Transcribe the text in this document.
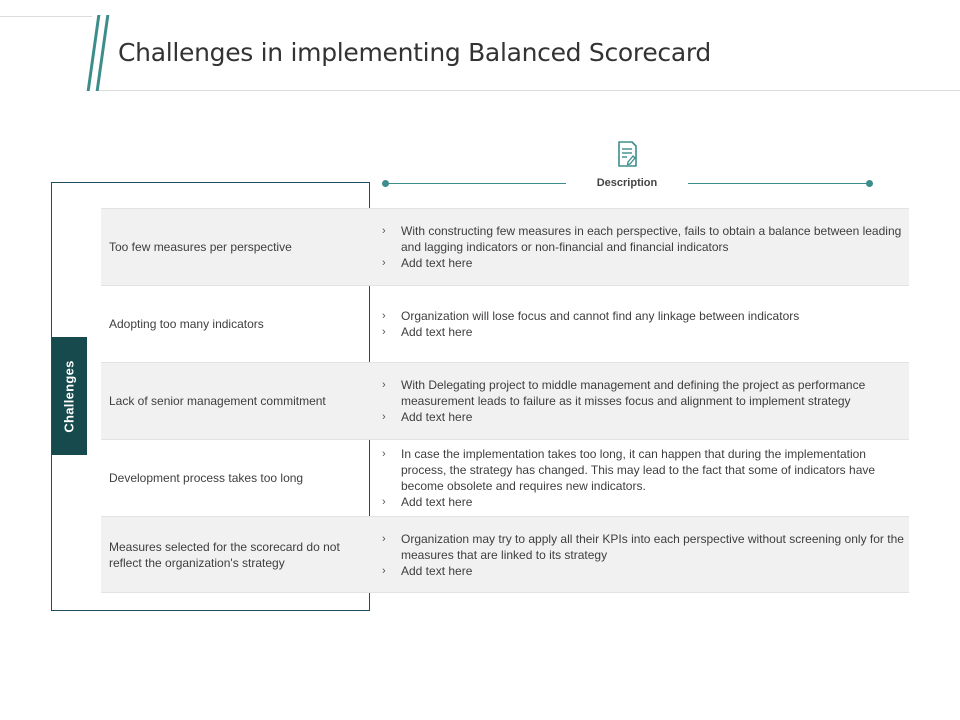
Challenges in implementing Balanced Scorecard
Description
Challenges
Too few measures per perspective
›	With constructing few measures in each perspective, fails to obtain a balance between leading and lagging indicators or non-financial and financial indicators
›	Add text here
Adopting too many indicators
›	Organization will lose focus and cannot find any linkage between indicators
›	Add text here
Lack of senior management commitment
›	With Delegating project to middle management and defining the project as performance measurement leads to failure as it misses focus and alignment to implement strategy
›	Add text here
Development process takes too long
›	In case the implementation takes too long, it can happen that during the implementation process, the strategy has changed. This may lead to the fact that some of indicators have become obsolete and requires new indicators.
›	Add text here
Measures selected for the scorecard do not reflect the organization's strategy
›	Organization may try to apply all their KPIs into each perspective without screening only for the measures that are linked to its strategy
›	Add text here
